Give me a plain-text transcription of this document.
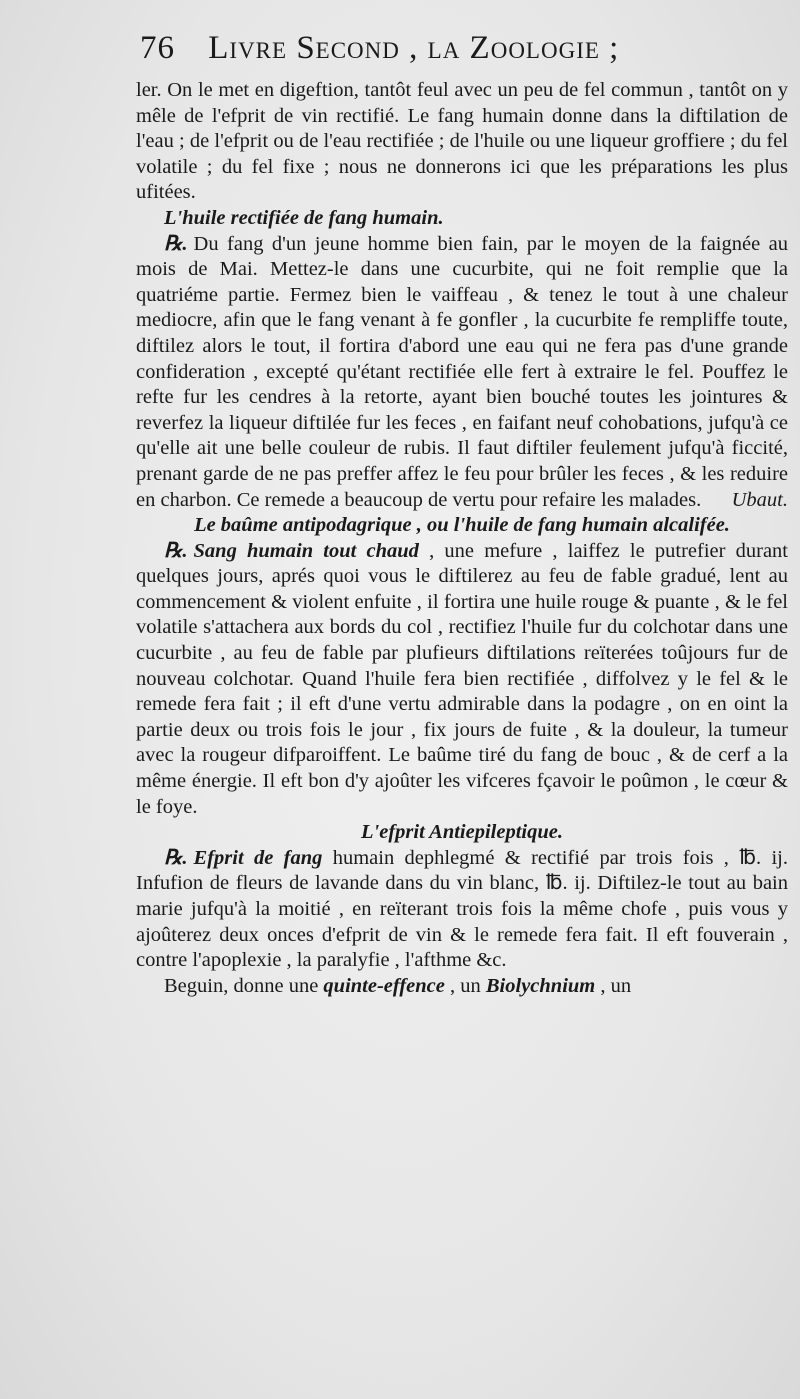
76 Livre Second , la Zoologie ;

ler. On le met en digeftion, tantôt feul avec un peu de fel commun , tantôt on y mêle de l'efprit de vin rectifié. Le fang humain donne dans la diftilation de l'eau ; de l'efprit ou de l'eau rectifiée ; de l'huile ou une liqueur groffiere ; du fel volatile ; du fel fixe ; nous ne donnerons ici que les préparations les plus ufitées.

L'huile rectifiée de fang humain.

℞. Du fang d'un jeune homme bien fain, par le moyen de la faignée au mois de Mai. Mettez-le dans une cucurbite, qui ne foit remplie que la quatriéme partie. Fermez bien le vaiffeau , & tenez le tout à une chaleur mediocre, afin que le fang venant à fe gonfler , la cucurbite fe rempliffe toute, diftilez alors le tout, il fortira d'abord une eau qui ne fera pas d'une grande confideration , excepté qu'étant rectifiée elle fert à extraire le fel. Pouffez le refte fur les cendres à la retorte, ayant bien bouché toutes les jointures & reverfez la liqueur diftilée fur les feces , en faifant neuf cohobations, jufqu'à ce qu'elle ait une belle couleur de rubis. Il faut diftiler feulement jufqu'à ficcité, prenant garde de ne pas preffer affez le feu pour brûler les feces , & les reduire en charbon. Ce remede a beaucoup de vertu pour refaire les malades.	Ubaut.

Le baûme antipodagrique , ou l'huile de fang humain alcalifée.

℞. Sang humain tout chaud , une mefure , laiffez le putrefier durant quelques jours, aprés quoi vous le diftilerez au feu de fable gradué, lent au commencement & violent enfuite , il fortira une huile rouge & puante , & le fel volatile s'attachera aux bords du col , rectifiez l'huile fur du colchotar dans une cucurbite , au feu de fable par plufieurs diftilations reïterées toûjours fur de nouveau colchotar. Quand l'huile fera bien rectifiée , diffolvez y le fel & le remede fera fait ; il eft d'une vertu admirable dans la podagre , on en oint la partie deux ou trois fois le jour , fix jours de fuite , & la douleur, la tumeur avec la rougeur difparoiffent. Le baûme tiré du fang de bouc , & de cerf a la même énergie. Il eft bon d'y ajoûter les vifceres fçavoir le poûmon , le cœur & le foye.

L'efprit Antiepileptique.

℞. Efprit de fang humain dephlegmé & rectifié par trois fois , ℔. ij. Infufion de fleurs de lavande dans du vin blanc, ℔. ij. Diftilez-le tout au bain marie jufqu'à la moitié , en reïterant trois fois la même chofe , puis vous y ajoûterez deux onces d'efprit de vin & le remede fera fait. Il eft fouverain , contre l'apoplexie , la paralyfie , l'afthme &c.

Beguin, donne une quinte-effence , un Biolychnium , un
